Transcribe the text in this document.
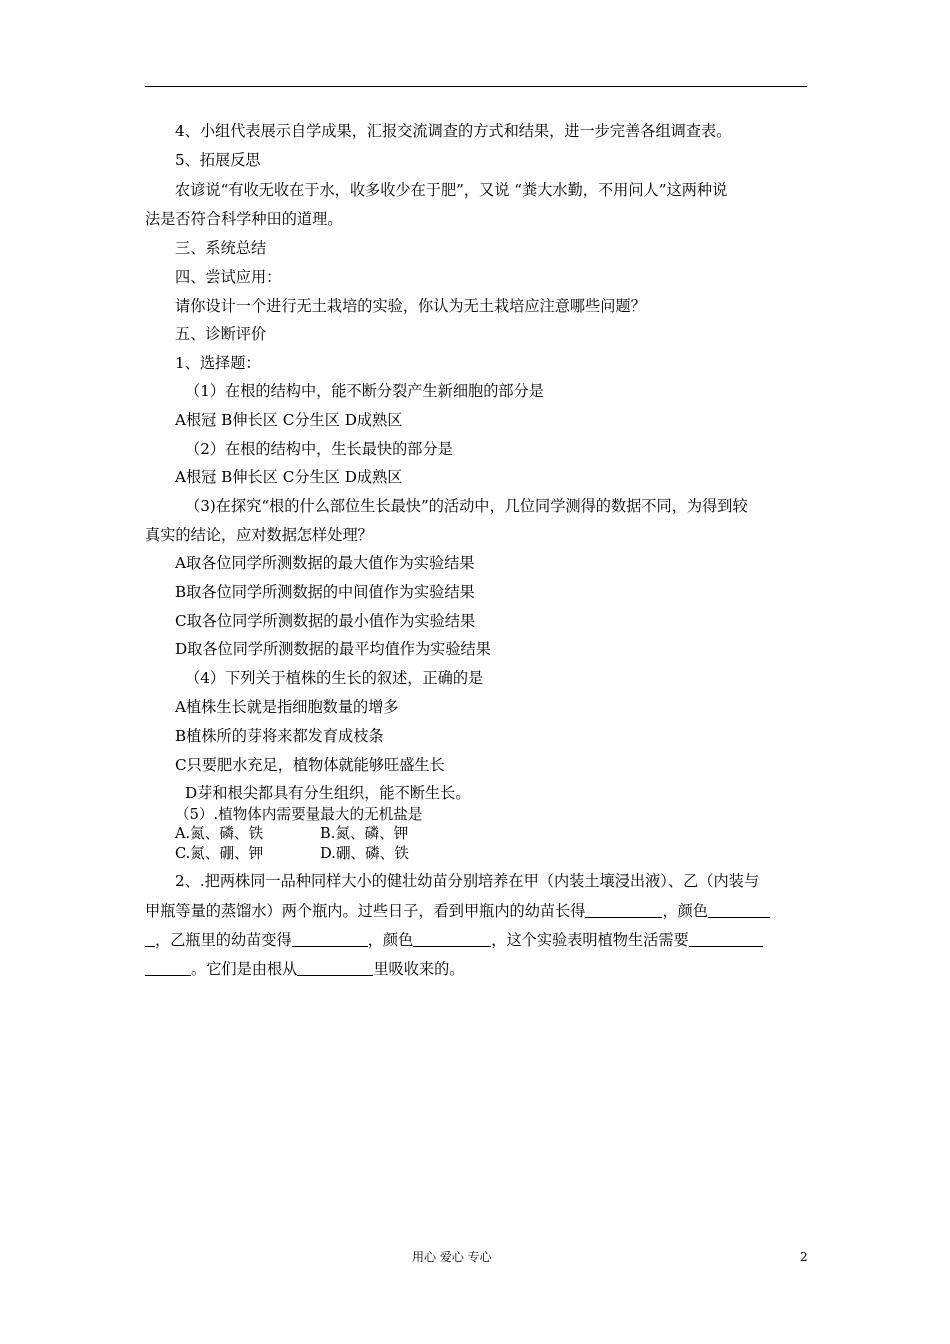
4、小组代表展示自学成果，汇报交流调查的方式和结果，进一步完善各组调查表。
5、拓展反思
农谚说“有收无收在于水，收多收少在于肥”，又说 “粪大水勤，不用问人”这两种说
法是否符合科学种田的道理。
三、系统总结
四、尝试应用：
请你设计一个进行无土栽培的实验，你认为无土栽培应注意哪些问题？
五、诊断评价
1、选择题：
（1）在根的结构中，能不断分裂产生新细胞的部分是
A根冠 B伸长区 C分生区 D成熟区
（2）在根的结构中，生长最快的部分是
A根冠 B伸长区 C分生区 D成熟区
（3)在探究“根的什么部位生长最快”的活动中，几位同学测得的数据不同，为得到较
真实的结论，应对数据怎样处理？
A取各位同学所测数据的最大值作为实验结果
B取各位同学所测数据的中间值作为实验结果
C取各位同学所测数据的最小值作为实验结果
D取各位同学所测数据的最平均值作为实验结果
（4）下列关于植株的生长的叙述，正确的是
A植株生长就是指细胞数量的增多
B植株所的芽将来都发育成枝条
C只要肥水充足，植物体就能够旺盛生长
D芽和根尖都具有分生组织，能不断生长。
（5）.植物体内需要量最大的无机盐是
A.氮、磷、铁	B.氮、磷、钾
C.氮、硼、钾	D.硼、磷、铁
2、.把两株同一品种同样大小的健壮幼苗分别培养在甲（内装土壤浸出液）、乙（内装与
甲瓶等量的蒸馏水）两个瓶内。过些日子，看到甲瓶内的幼苗长得	，颜色
，乙瓶里的幼苗变得	，颜色	，这个实验表明植物生活需要
。它们是由根从	里吸收来的。
用心 爱心 专心	2
